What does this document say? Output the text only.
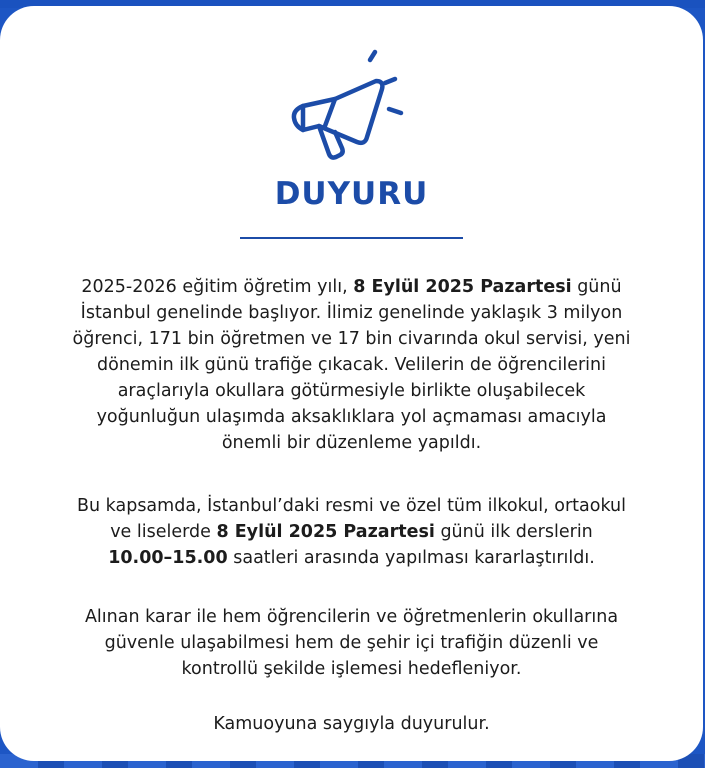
DUYURU
2025-2026 eğitim öğretim yılı, 8 Eylül 2025 Pazartesi günü
İstanbul genelinde başlıyor. İlimiz genelinde yaklaşık 3 milyon
öğrenci, 171 bin öğretmen ve 17 bin civarında okul servisi, yeni
dönemin ilk günü trafiğe çıkacak. Velilerin de öğrencilerini
araçlarıyla okullara götürmesiyle birlikte oluşabilecek
yoğunluğun ulaşımda aksaklıklara yol açmaması amacıyla
önemli bir düzenleme yapıldı.
Bu kapsamda, İstanbul’daki resmi ve özel tüm ilkokul, ortaokul
ve liselerde 8 Eylül 2025 Pazartesi günü ilk derslerin
10.00–15.00 saatleri arasında yapılması kararlaştırıldı.
Alınan karar ile hem öğrencilerin ve öğretmenlerin okullarına
güvenle ulaşabilmesi hem de şehir içi trafiğin düzenli ve
kontrollü şekilde işlemesi hedefleniyor.
Kamuoyuna saygıyla duyurulur.
